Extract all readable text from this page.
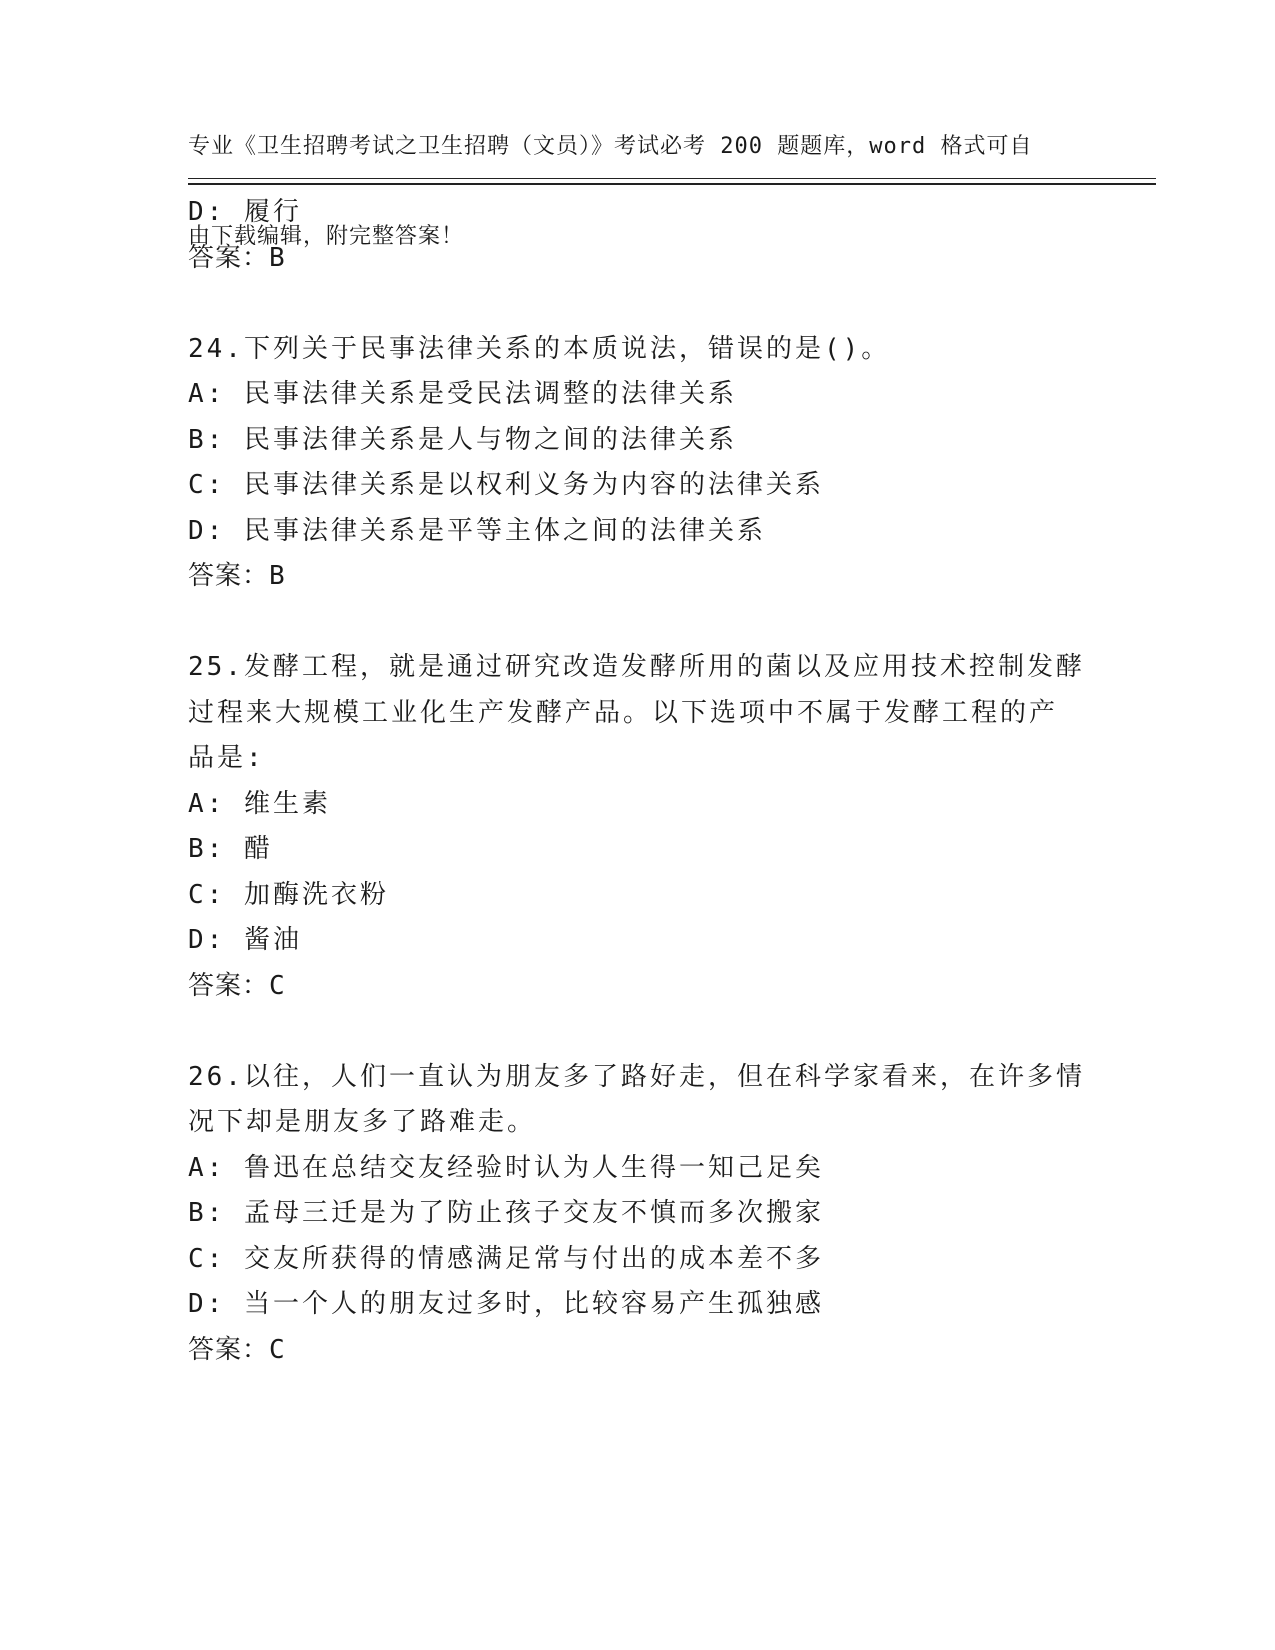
专业《卫生招聘考试之卫生招聘（文员）》考试必考 200 题题库，word 格式可自

由下载编辑，附完整答案！

D: 履行
答案：B
24.下列关于民事法律关系的本质说法，错误的是()。
A: 民事法律关系是受民法调整的法律关系
B: 民事法律关系是人与物之间的法律关系
C: 民事法律关系是以权利义务为内容的法律关系
D: 民事法律关系是平等主体之间的法律关系
答案：B
25.发酵工程，就是通过研究改造发酵所用的菌以及应用技术控制发酵
过程来大规模工业化生产发酵产品。以下选项中不属于发酵工程的产
品是:
A: 维生素
B: 醋
C: 加酶洗衣粉
D: 酱油
答案：C
26.以往，人们一直认为朋友多了路好走，但在科学家看来，在许多情
况下却是朋友多了路难走。
A: 鲁迅在总结交友经验时认为人生得一知己足矣
B: 孟母三迁是为了防止孩子交友不慎而多次搬家
C: 交友所获得的情感满足常与付出的成本差不多
D: 当一个人的朋友过多时，比较容易产生孤独感
答案：C
